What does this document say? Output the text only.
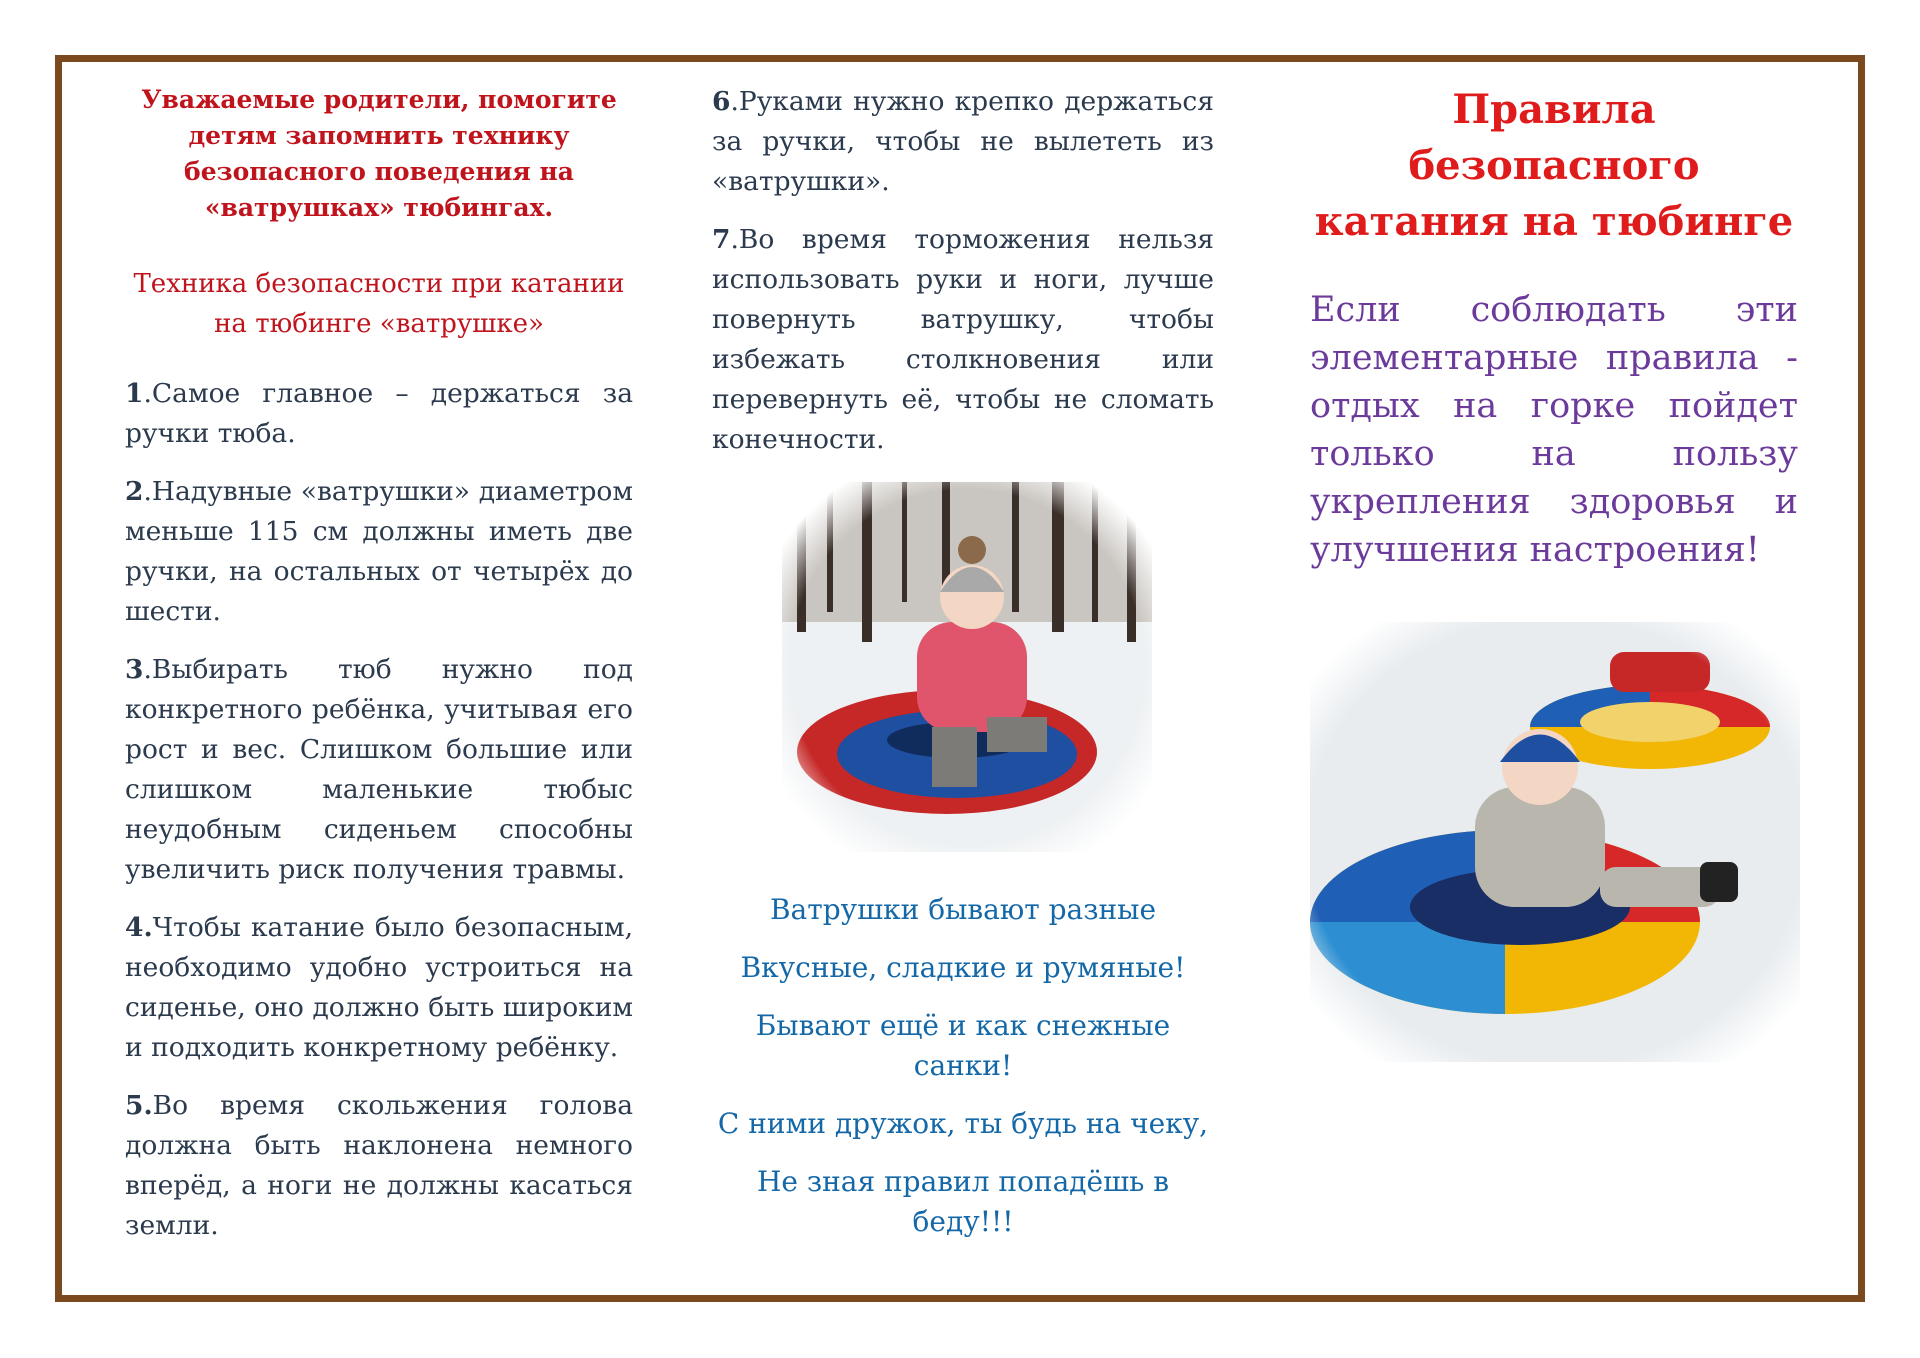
Уважаемые родители, помогите детям запомнить технику безопасного поведения на «ватрушках» тюбингах.

Техника безопасности при катании на тюбинге «ватрушке»

1.Самое главное – держаться за ручки тюба.

2.Надувные «ватрушки» диаметром меньше 115 см должны иметь две ручки, на остальных от четырёх до шести.

3.Выбирать тюб нужно под конкретного ребёнка, учитывая его рост и вес. Слишком большие или слишком маленькие тюбыс неудобным сиденьем способны увеличить риск получения травмы.

4.Чтобы катание было безопасным, необходимо удобно устроиться на сиденье, оно должно быть широким и подходить конкретному ребёнку.

5.Во время скольжения голова должна быть наклонена немного вперёд, а ноги не должны касаться земли.

6.Руками нужно крепко держаться за ручки, чтобы не вылететь из «ватрушки».

7.Во время торможения нельзя использовать руки и ноги, лучше повернуть ватрушку, чтобы избежать столкновения или перевернуть её, чтобы не сломать конечности.

Ватрушки бывают разные

Вкусные, сладкие и румяные!

Бывают ещё и как снежные санки!

С ними дружок, ты будь на чеку,

Не зная правил попадёшь в беду!!!

Правила безопасного катания на тюбинге

Если соблюдать эти элементарные правила - отдых на горке пойдет только на пользу укрепления здоровья и улучшения настроения!
